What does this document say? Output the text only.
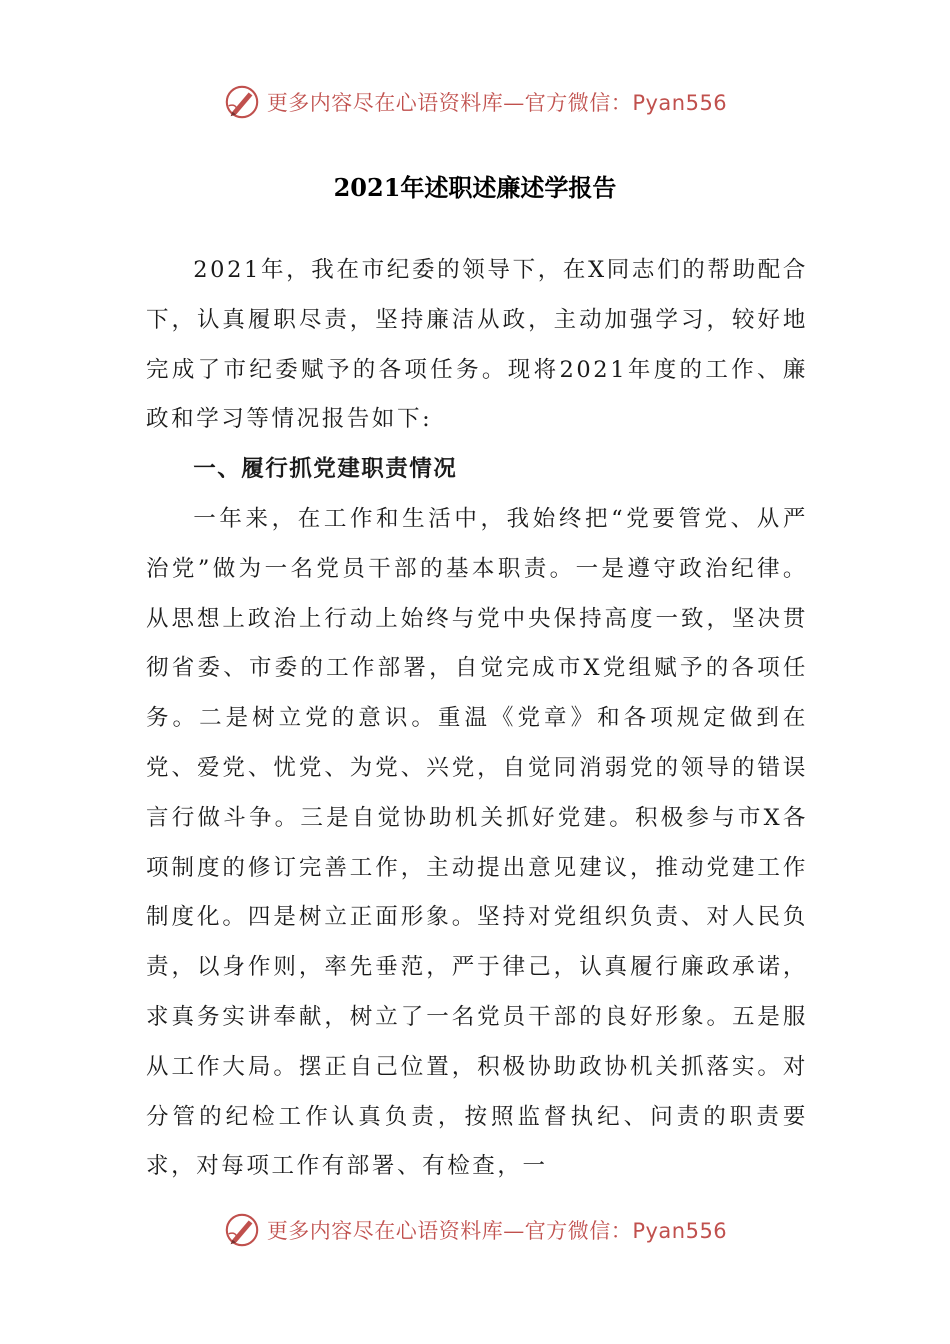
更多内容尽在心语资料库—官方微信：Pyan556
2021年述职述廉述学报告

2021年，我在市纪委的领导下，在X同志们的帮助配合下，认真履职尽责，坚持廉洁从政，主动加强学习，较好地完成了市纪委赋予的各项任务。现将2021年度的工作、廉政和学习等情况报告如下:

一、履行抓党建职责情况

一年来，在工作和生活中，我始终把“党要管党、从严治党”做为一名党员干部的基本职责。一是遵守政治纪律。从思想上政治上行动上始终与党中央保持高度一致，坚决贯彻省委、市委的工作部署，自觉完成市X党组赋予的各项任务。二是树立党的意识。重温《党章》和各项规定做到在党、爱党、忧党、为党、兴党，自觉同消弱党的领导的错误言行做斗争。三是自觉协助机关抓好党建。积极参与市X各项制度的修订完善工作，主动提出意见建议，推动党建工作制度化。四是树立正面形象。坚持对党组织负责、对人民负责，以身作则，率先垂范，严于律己，认真履行廉政承诺，求真务实讲奉献，树立了一名党员干部的良好形象。五是服从工作大局。摆正自己位置，积极协助政协机关抓落实。对分管的纪检工作认真负责，按照监督执纪、问责的职责要求，对每项工作有部署、有检查，一

更多内容尽在心语资料库—官方微信：Pyan556
